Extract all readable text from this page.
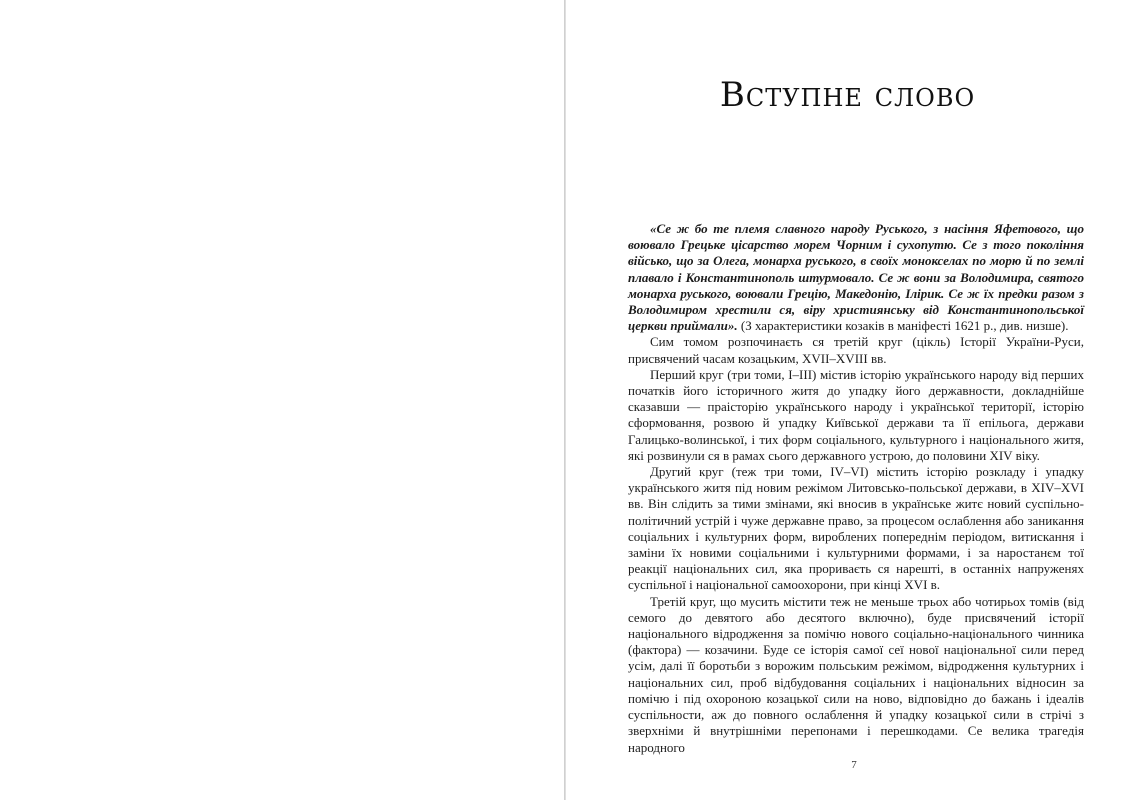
Вступне слово

«Се ж бо те племя славного народу Руського, з насіння Яфетового, що воювало Грецьке цісарство морем Чорним і сухопутю. Се з того покоління військо, що за Олега, монарха руського, в своїх монокселах по морю й по землі плавало і Константинополь штурмовало. Се ж вони за Володимира, святого монарха руського, воювали Грецію, Македонію, Ілірик. Се ж їх предки разом з Володимиром хрестили ся, віру християнську від Константинопольської церкви приймали». (З характеристики козаків в маніфесті 1621 р., див. низше).

Сим томом розпочинаєть ся третій круг (цікль) Історії України-Руси, присвячений часам козацьким, XVII–XVIII вв.

Перший круг (три томи, I–III) містив історію українського народу від перших початків його історичного житя до упадку його державности, докладнійше сказавши — праісторію українського народу і української території, історію сформовання, розвою й упадку Київської держави та її епільога, держави Галицько-волинської, і тих форм соціального, культурного і національного житя, які розвинули ся в рамах сього державного устрою, до половини XIV віку.

Другий круг (теж три томи, IV–VI) містить історію розкладу і упадку українського житя під новим режімом Литовсько-польської держави, в XIV–XVI вв. Він слідить за тими змінами, які вносив в українське житє новий суспільно-політичний устрій і чуже державне право, за процесом ослаблення або заникання соціальних і культурних форм, вироблених попереднім періодом, витискання і заміни їх новими соціальними і культурними формами, і за наростанєм тої реакції національних сил, яка прориваєть ся нарешті, в останніх напруженях суспільної і національної самоохорони, при кінці XVI в.

Третій круг, що мусить містити теж не меньше трьох або чотирьох томів (від семого до девятого або десятого включно), буде присвячений історії національного відродження за помічю нового соціально-національного чинника (фактора) — козачини. Буде се історія самої сеї нової національної сили перед усім, далі її боротьби з ворожим польським режімом, відродження культурних і національних сил, проб відбудовання соціальних і національних відносин за помічю і під охороною козацької сили на ново, відповідно до бажань і ідеалів суспільности, аж до повного ослаблення й упадку козацької сили в стрічі з зверхніми й внутрішніми перепонами і перешкодами. Се велика трагедія народного

7
